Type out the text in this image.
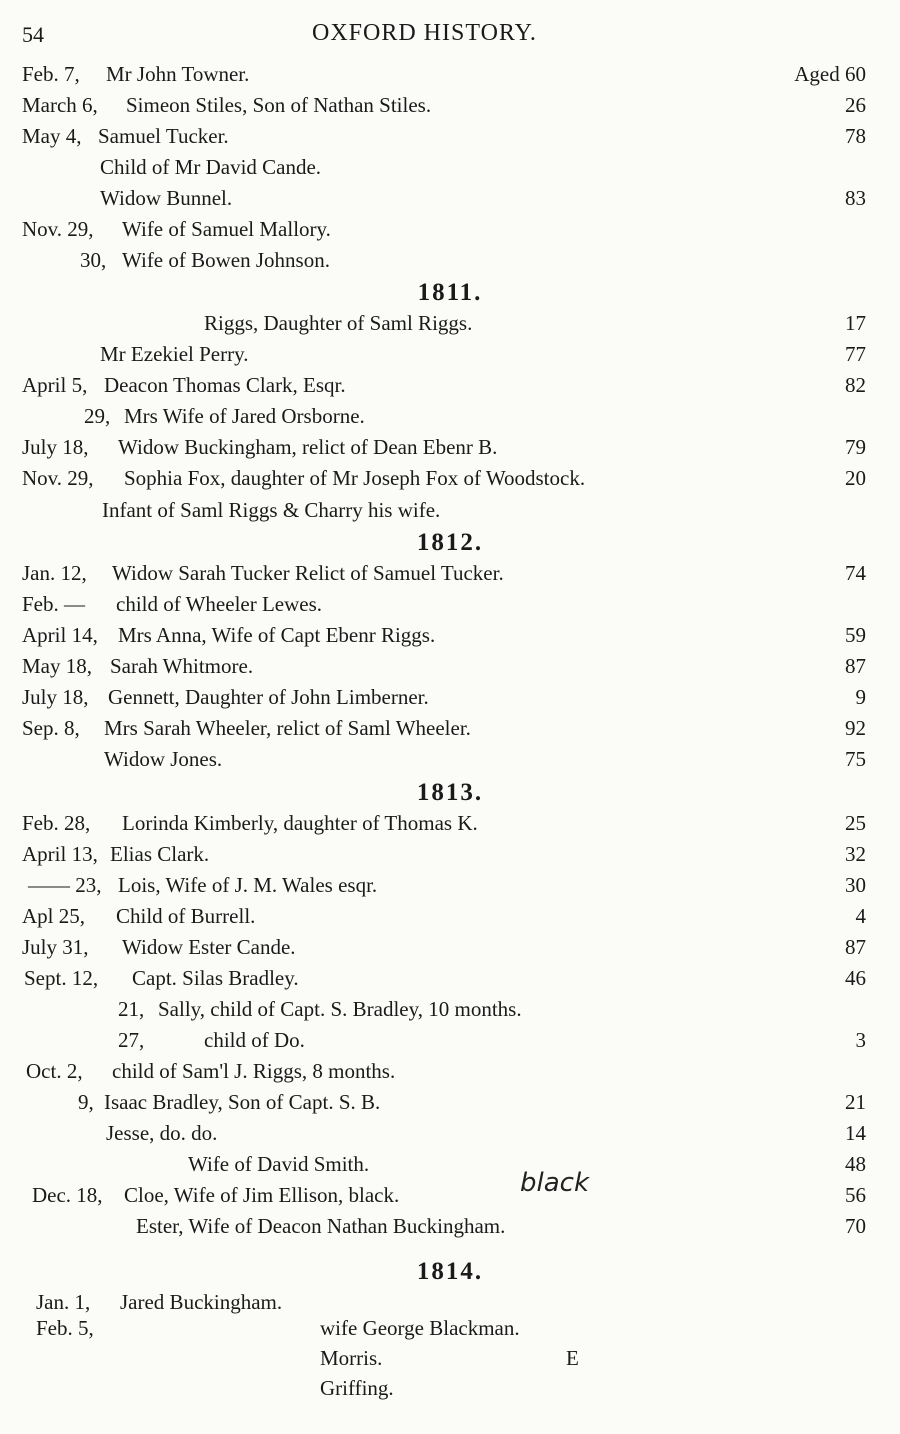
54	OXFORD HISTORY.
Feb. 7, Mr John Towner.	Aged 60
March 6, Simeon Stiles, Son of Nathan Stiles.	26
May 4, Samuel Tucker.	78
Child of Mr David Cande.
Widow Bunnel.	83
Nov. 29, Wife of Samuel Mallory.
30, Wife of Bowen Johnson.
1811.
Riggs, Daughter of Saml Riggs.	17
Mr Ezekiel Perry.	77
April 5, Deacon Thomas Clark, Esqr.	82
29, Mrs Wife of Jared Orsborne.
July 18, Widow Buckingham, relict of Dean Ebenr B.	79
Nov. 29, Sophia Fox, daughter of Mr Joseph Fox of Woodstock.	20
Infant of Saml Riggs & Charry his wife.
1812.
Jan. 12, Widow Sarah Tucker Relict of Samuel Tucker.	74
Feb. — child of Wheeler Lewes.
April 14, Mrs Anna, Wife of Capt Ebenr Riggs.	59
May 18, Sarah Whitmore.	87
July 18, Gennett, Daughter of John Limberner.	9
Sep. 8, Mrs Sarah Wheeler, relict of Saml Wheeler.	92
Widow Jones.	75
1813.
Feb. 28, Lorinda Kimberly, daughter of Thomas K.	25
April 13, Elias Clark.	32
—— 23, Lois, Wife of J. M. Wales esqr.	30
Apl 25, Child of Burrell.	4
July 31, Widow Ester Cande.	87
Sept. 12, Capt. Silas Bradley.	46
21, Sally, child of Capt. S. Bradley, 10 months.
27,	child of Do.	3
Oct. 2, child of Sam'l J. Riggs, 8 months.
9, Isaac Bradley, Son of Capt. S. B.	21
Jesse, do. do.	14
Wife of David Smith.	48
Dec. 18, Cloe, Wife of Jim Ellison, black.	56
black
Ester, Wife of Deacon Nathan Buckingham.	70
1814.
Jan. 1, Jared Buckingham.
Feb. 5,	wife George Blackman.
Morris.	E
Griffing.
